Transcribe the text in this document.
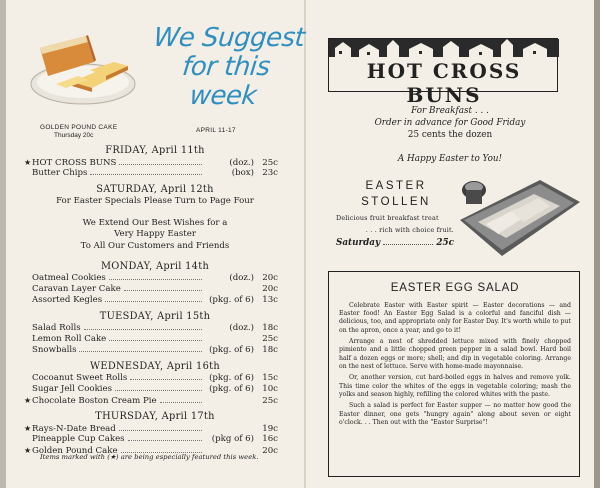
We Suggest
for this week
GOLDEN POUND CAKE
Thursday 20c
APRIL 11-17
FRIDAY, April 11th
★ HOT CROSS BUNS	(doz.) 25c
Butter Chips	(box) 23c
SATURDAY, April 12th
For Easter Specials Please Turn to Page Four
We Extend Our Best Wishes for a
Very Happy Easter
To All Our Customers and Friends
MONDAY, April 14th
Oatmeal Cookies	(doz.) 20c
Caravan Layer Cake	20c
Assorted Kegles	(pkg. of 6) 13c
TUESDAY, April 15th
Salad Rolls	(doz.) 18c
Lemon Roll Cake	25c
Snowballs	(pkg. of 6) 18c
WEDNESDAY, April 16th
Cocoanut Sweet Rolls	(pkg. of 6) 15c
Sugar Jell Cookies	(pkg. of 6) 10c
★ Chocolate Boston Cream Pie	25c
THURSDAY, April 17th
★ Rays-N-Date Bread	19c
Pineapple Cup Cakes	(pkg of 6) 16c
★ Golden Pound Cake	20c
Items marked with (★) are being especially featured this week.
HOT CROSS BUNS
For Breakfast . . .
Order in advance for Good Friday
25 cents the dozen
A Happy Easter to You!
EASTER
STOLLEN
Delicious fruit breakfast treat
. . . rich with choice fruit.
Saturday	25c
EASTER EGG SALAD

Celebrate Easter with Easter spirit — Easter decorations — and Easter food! An Easter Egg Salad is a colorful and fanciful dish — delicious, too, and appropriate only for Easter Day. It's worth while to put on the apron, once a year, and go to it!

Arrange a nest of shredded lettuce mixed with finely chopped pimiento and a little chopped green pepper in a salad bowl. Hard boil half a dozen eggs or more; shell; and dip in vegetable coloring. Arrange on the nest of lettuce. Serve with home-made mayonnaise.

Or, another version, cut hard-boiled eggs in halves and remove yolk. This time color the whites of the eggs in vegetable coloring; mash the yolks and season highly, refilling the colored whites with the paste.

Such a salad is perfect for Easter supper — no matter how good the Easter dinner, one gets "hungry again" along about seven or eight o'clock. . . Then out with the "Easter Surprise"!
